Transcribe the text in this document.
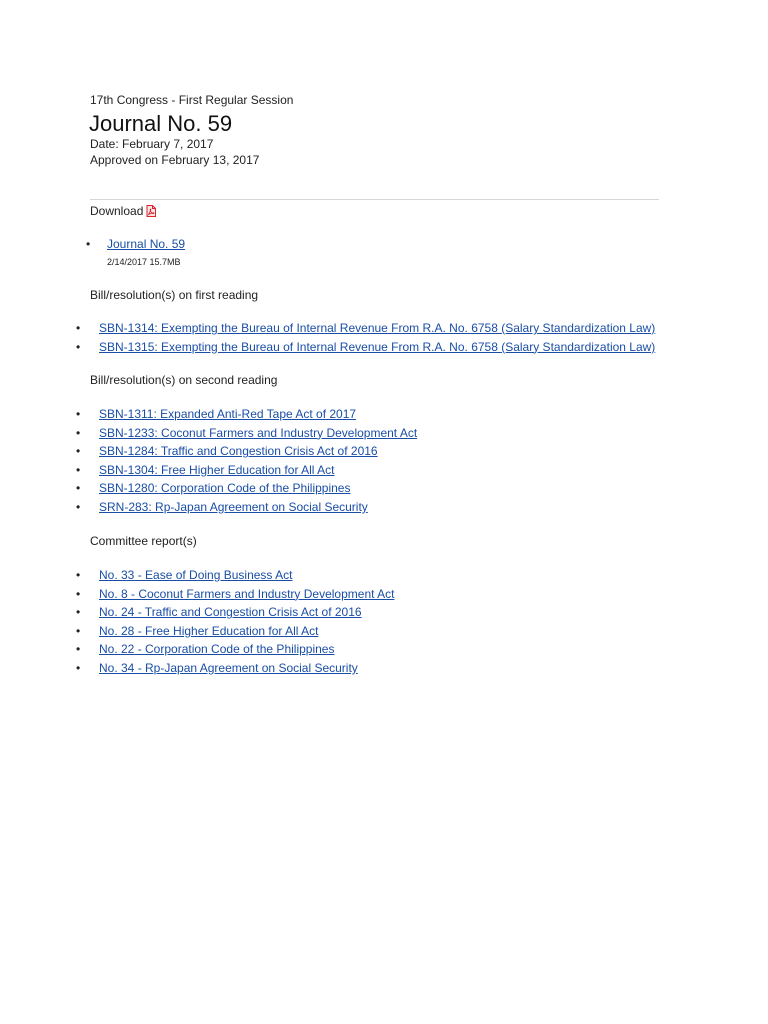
17th Congress - First Regular Session
Journal No. 59
Date: February 7, 2017
Approved on February 13, 2017
Download
• Journal No. 59
2/14/2017 15.7MB
Bill/resolution(s) on first reading
• SBN-1314: Exempting the Bureau of Internal Revenue From R.A. No. 6758 (Salary Standardization Law)
• SBN-1315: Exempting the Bureau of Internal Revenue From R.A. No. 6758 (Salary Standardization Law)
Bill/resolution(s) on second reading
• SBN-1311: Expanded Anti-Red Tape Act of 2017
• SBN-1233: Coconut Farmers and Industry Development Act
• SBN-1284: Traffic and Congestion Crisis Act of 2016
• SBN-1304: Free Higher Education for All Act
• SBN-1280: Corporation Code of the Philippines
• SRN-283: Rp-Japan Agreement on Social Security
Committee report(s)
• No. 33 - Ease of Doing Business Act
• No. 8 - Coconut Farmers and Industry Development Act
• No. 24 - Traffic and Congestion Crisis Act of 2016
• No. 28 - Free Higher Education for All Act
• No. 22 - Corporation Code of the Philippines
• No. 34 - Rp-Japan Agreement on Social Security
